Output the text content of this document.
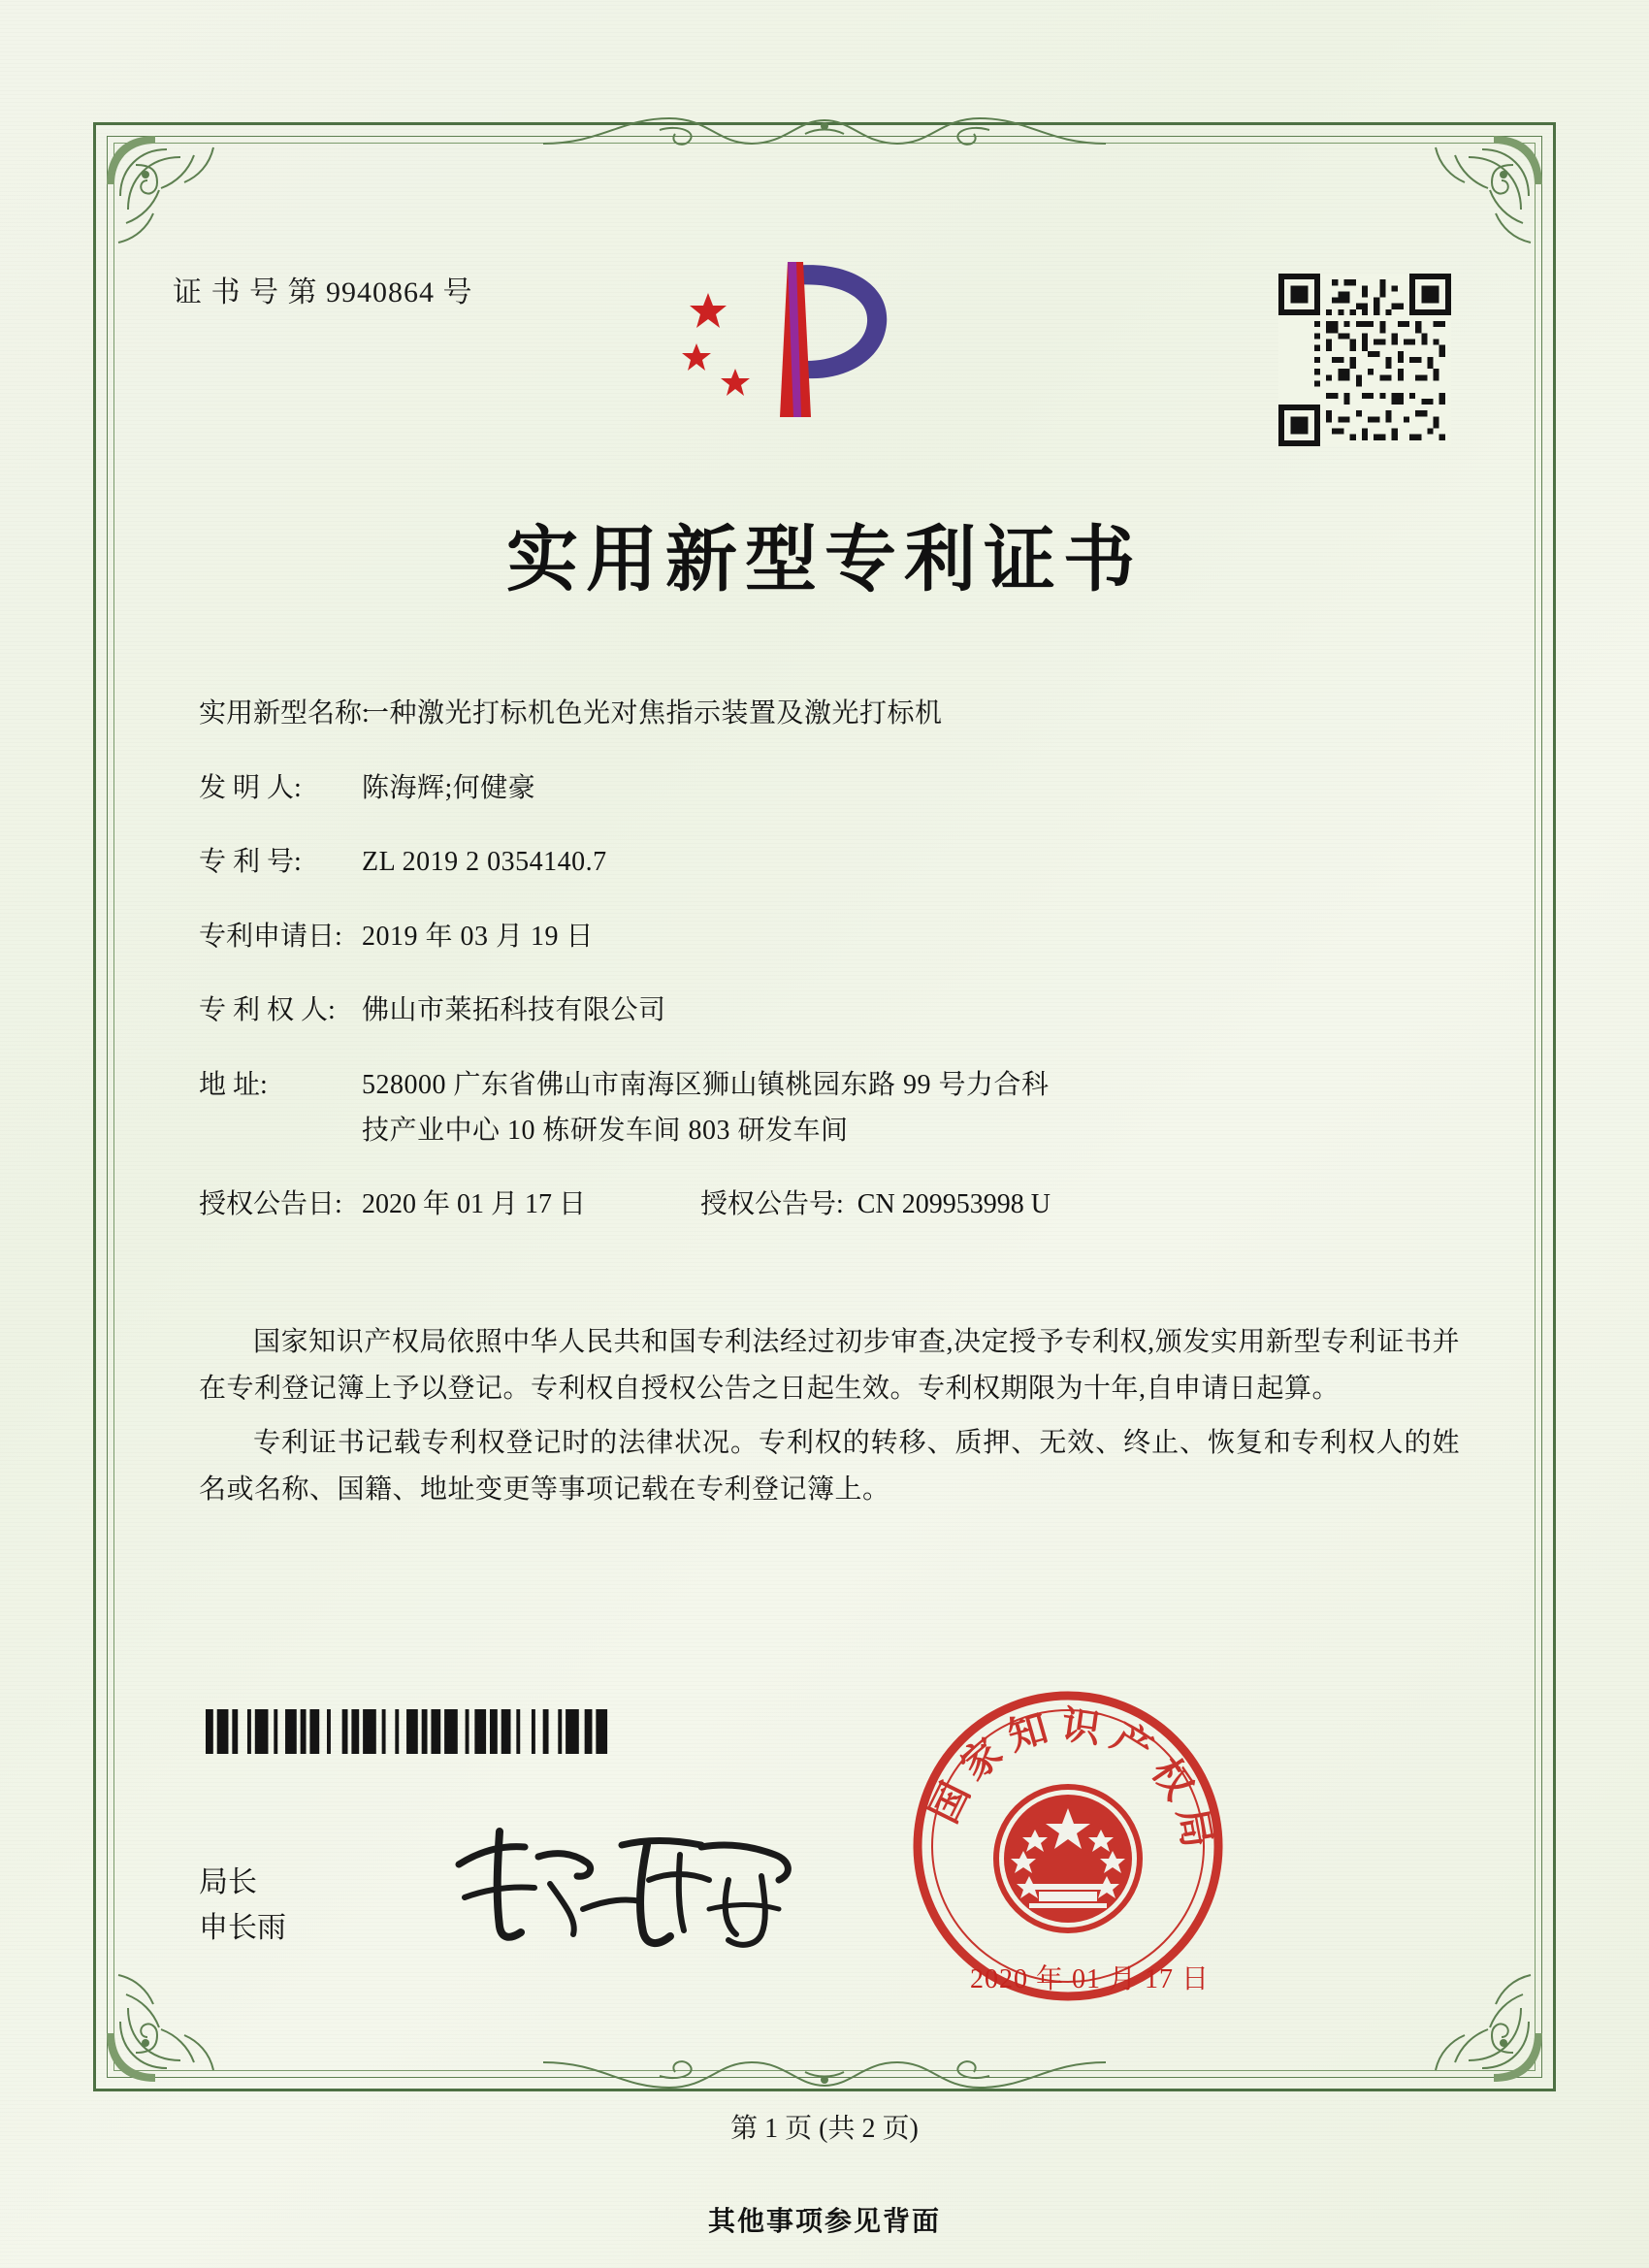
证 书 号 第 9940864 号
实用新型专利证书
实用新型名称:
一种激光打标机色光对焦指示装置及激光打标机
发 明 人:	陈海辉;何健豪
专 利 号:	ZL 2019 2 0354140.7
专利申请日: 2019 年 03 月 19 日
专 利 权 人: 佛山市莱拓科技有限公司
地 址:	528000 广东省佛山市南海区狮山镇桃园东路 99 号力合科
技产业中心 10 栋研发车间 803 研发车间
授权公告日: 2020 年 01 月 17 日	授权公告号: CN 209953998 U

国家知识产权局依照中华人民共和国专利法经过初步审查,决定授予专利权,颁发实用新型专利证书并在专利登记簿上予以登记。专利权自授权公告之日起生效。专利权期限为十年,自申请日起算。

专利证书记载专利权登记时的法律状况。专利权的转移、质押、无效、终止、恢复和专利权人的姓名或名称、国籍、地址变更等事项记载在专利登记簿上。

局长
申长雨
国家知识产权局
2020 年 01 月 17 日
第 1 页 (共 2 页)
其他事项参见背面
